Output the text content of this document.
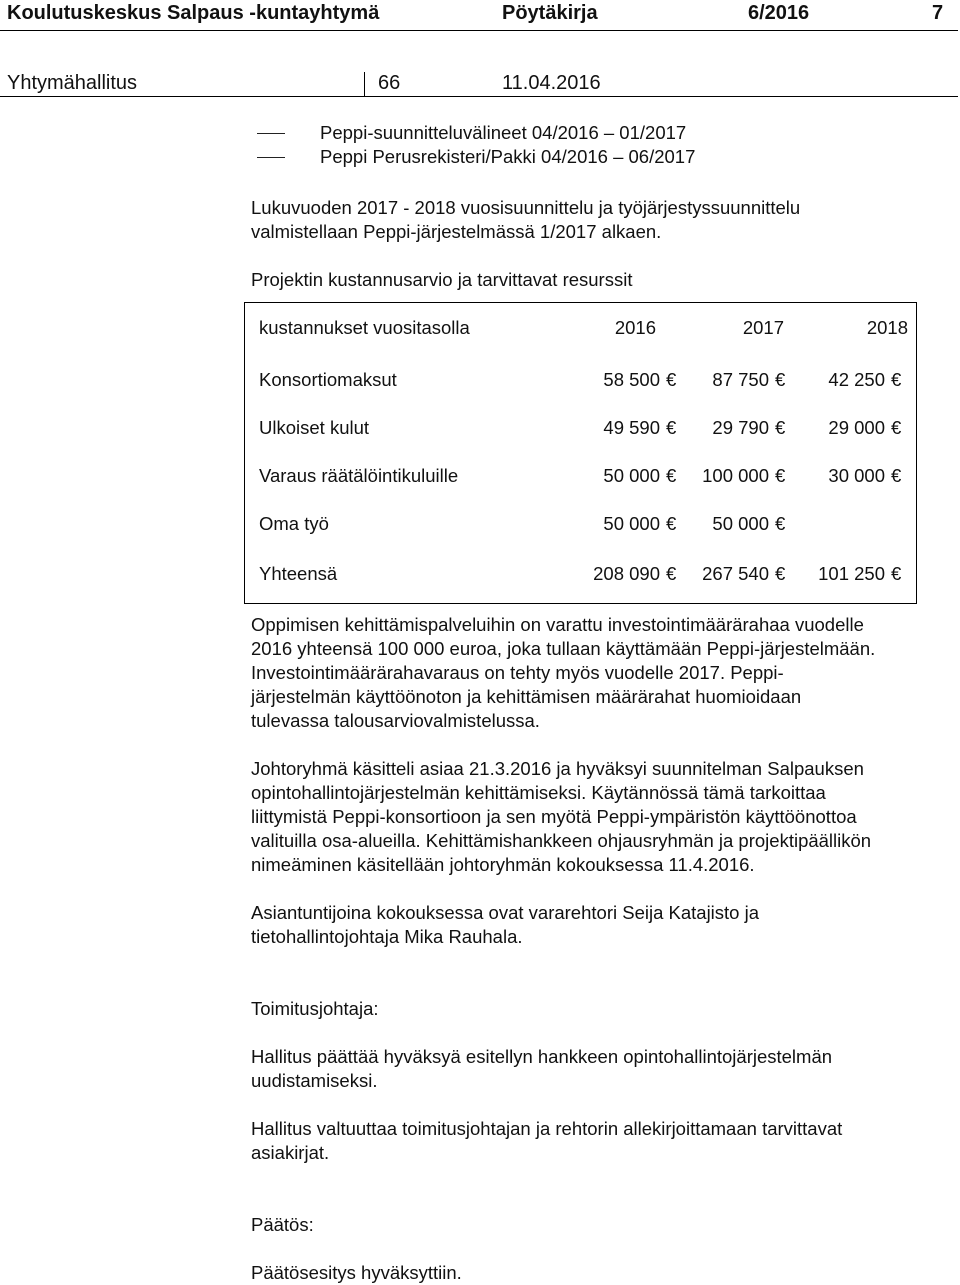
Koulutuskeskus Salpaus -kuntayhtymä	Pöytäkirja	6/2016	7
Yhtymähallitus	66	11.04.2016
Peppi-suunnitteluvälineet 04/2016 – 01/2017
Peppi Perusrekisteri/Pakki 04/2016 – 06/2017
Lukuvuoden 2017 - 2018 vuosisuunnittelu ja työjärjestyssuunnittelu
valmistellaan Peppi-järjestelmässä 1/2017 alkaen.
Projektin kustannusarvio ja tarvittavat resurssit
kustannukset vuositasolla	2016	2017	2018
Konsortiomaksut	58 500 €	87 750 €	42 250 €
Ulkoiset kulut	49 590 €	29 790 €	29 000 €
Varaus räätälöintikuluille	50 000 €	100 000 €	30 000 €
Oma työ	50 000 €	50 000 €
Yhteensä	208 090 €	267 540 €	101 250 €
Oppimisen kehittämispalveluihin on varattu investointimäärärahaa vuodelle
2016 yhteensä 100 000 euroa, joka tullaan käyttämään Peppi-järjestelmään.
Investointimäärärahavaraus on tehty myös vuodelle 2017. Peppi-
järjestelmän käyttöönoton ja kehittämisen määrärahat huomioidaan
tulevassa talousarviovalmistelussa.
Johtoryhmä käsitteli asiaa 21.3.2016 ja hyväksyi suunnitelman Salpauksen
opintohallintojärjestelmän kehittämiseksi. Käytännössä tämä tarkoittaa
liittymistä Peppi-konsortioon ja sen myötä Peppi-ympäristön käyttöönottoa
valituilla osa-alueilla. Kehittämishankkeen ohjausryhmän ja projektipäällikön
nimeäminen käsitellään johtoryhmän kokouksessa 11.4.2016.
Asiantuntijoina kokouksessa ovat vararehtori Seija Katajisto ja
tietohallintojohtaja Mika Rauhala.
Toimitusjohtaja:
Hallitus päättää hyväksyä esitellyn hankkeen opintohallintojärjestelmän
uudistamiseksi.
Hallitus valtuuttaa toimitusjohtajan ja rehtorin allekirjoittamaan tarvittavat
asiakirjat.
Päätös:
Päätösesitys hyväksyttiin.
